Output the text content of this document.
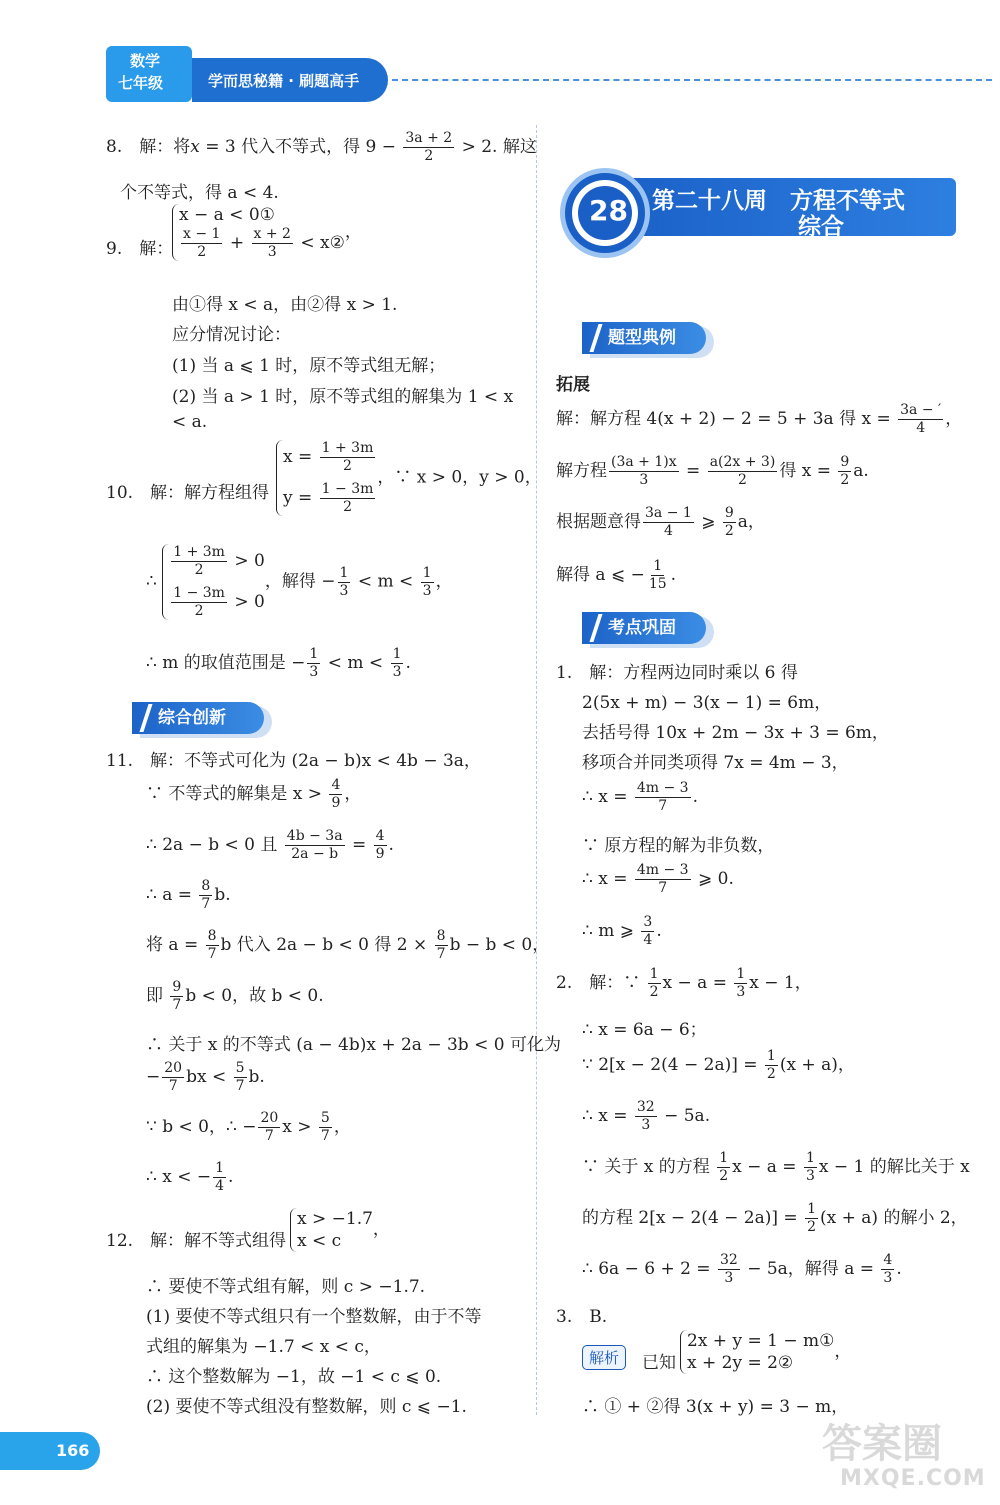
数学
七年级	学而思秘籍 · 刷题高手
8.　解：将x = 3 代入不等式，得 $9 - \frac{3a + 2}{2} > 2$. 解这
个不等式，得 a < 4.
9.　解：
x − a < 0①
$\frac{x - 1}{2} + \frac{x + 2}{3}$ < x②
，
由①得 x < a，由②得 x > 1.
应分情况讨论：
(1) 当 a ⩽ 1 时，原不等式组无解；
(2) 当 a > 1 时，原不等式组的解集为 1 < x
< a.
10.　解：解方程组得
$x = \frac{1 + 3m}{2}$
$y = \frac{1 - 3m}{2}$
，∵ x > 0，y > 0，
∴
$\frac{1 + 3m}{2} > 0$
$\frac{1 - 3m}{2} > 0$
，解得 − $\frac{1}{3} < m < \frac{1}{3}$ ，
∴ m 的取值范围是 − $\frac{1}{3} < m < \frac{1}{3}$ .
综合创新
11.　解：不等式可化为 (2a − b)x < 4b − 3a，
∵ 不等式的解集是 $x > \frac{4}{9}$ ，
∴ 2a − b < 0 且 $\frac{4b - 3a}{2a - b} = \frac{4}{9}$ .
∴ $a = \frac{8}{7} b$.
将 $a = \frac{8}{7}$ b 代入 2a − b < 0 得 $2 \times \frac{8}{7}$ b − b < 0，
即 $\frac{9}{7}$ b < 0，故 b < 0.
∴ 关于 x 的不等式 (a − 4b)x + 2a − 3b < 0 可化为
− $\frac{20}{7}$ bx < $\frac{5}{7} b$.
∵ b < 0，∴ − $\frac{20}{7}$ $x > \frac{5}{7}$ ，
∴ x < − $\frac{1}{4}$ .
12.　解：解不等式组得
x > −1.7
x < c
，
∴ 要使不等式组有解，则 c > −1.7.
(1) 要使不等式组只有一个整数解，由于不等
式组的解集为 −1.7 < x < c，
∴ 这个整数解为 −1，故 −1 < c ⩽ 0.
(2) 要使不等式组没有整数解，则 c ⩽ −1.
166
28 第二十八周　方程不等式
综合
题型典例
拓展
解：解方程 4(x + 2) − 2 = 5 + 3a 得 $x = \frac{3a - '}{4}$ ，
解方程 $\frac{(3a + 1)x}{3} = \frac{a(2x + 3)}{2}$ 得 $x = \frac{9}{2} a$.
根据题意得 $\frac{3a - 1}{4}$ ⩾ $\frac{9}{2}$ a，
解得 a ⩽ − $\frac{1}{15}$ .
考点巩固
1.　解：方程两边同时乘以 6 得
2(5x + m) − 3(x − 1) = 6m，
去括号得 10x + 2m − 3x + 3 = 6m，
移项合并同类项得 7x = 4m − 3，
∴ $x = \frac{4m - 3}{7}$ .
∵ 原方程的解为非负数，
∴ $x = \frac{4m - 3}{7}$ ⩾ 0.
∴ m ⩾ $\frac{3}{4}$ .
2.　解：∵ $\frac{1}{2}$ $x - a = \frac{1}{3}$ x − 1，
∴ x = 6a − 6；
∵ $2[x - 2(4 - 2a)] = \frac{1}{2} (x + a)$，
∴ $x = \frac{32}{3} - 5a$.
∵ 关于 x 的方程 $\frac{1}{2}$ $x - a = \frac{1}{3}$ x − 1 的解比关于 x
的方程 $2[x - 2(4 - 2a)] = \frac{1}{2} (x + a)$ 的解小 2，
∴ $6a - 6 + 2 = \frac{32}{3} - 5a$，解得 $a = \frac{4}{3}$ .
3.　B.
解析	已知
2x + y = 1 − m①
x + 2y = 2②
，
∴ ① + ②得 3(x + y) = 3 − m，
答案圈
MXQE.COM
